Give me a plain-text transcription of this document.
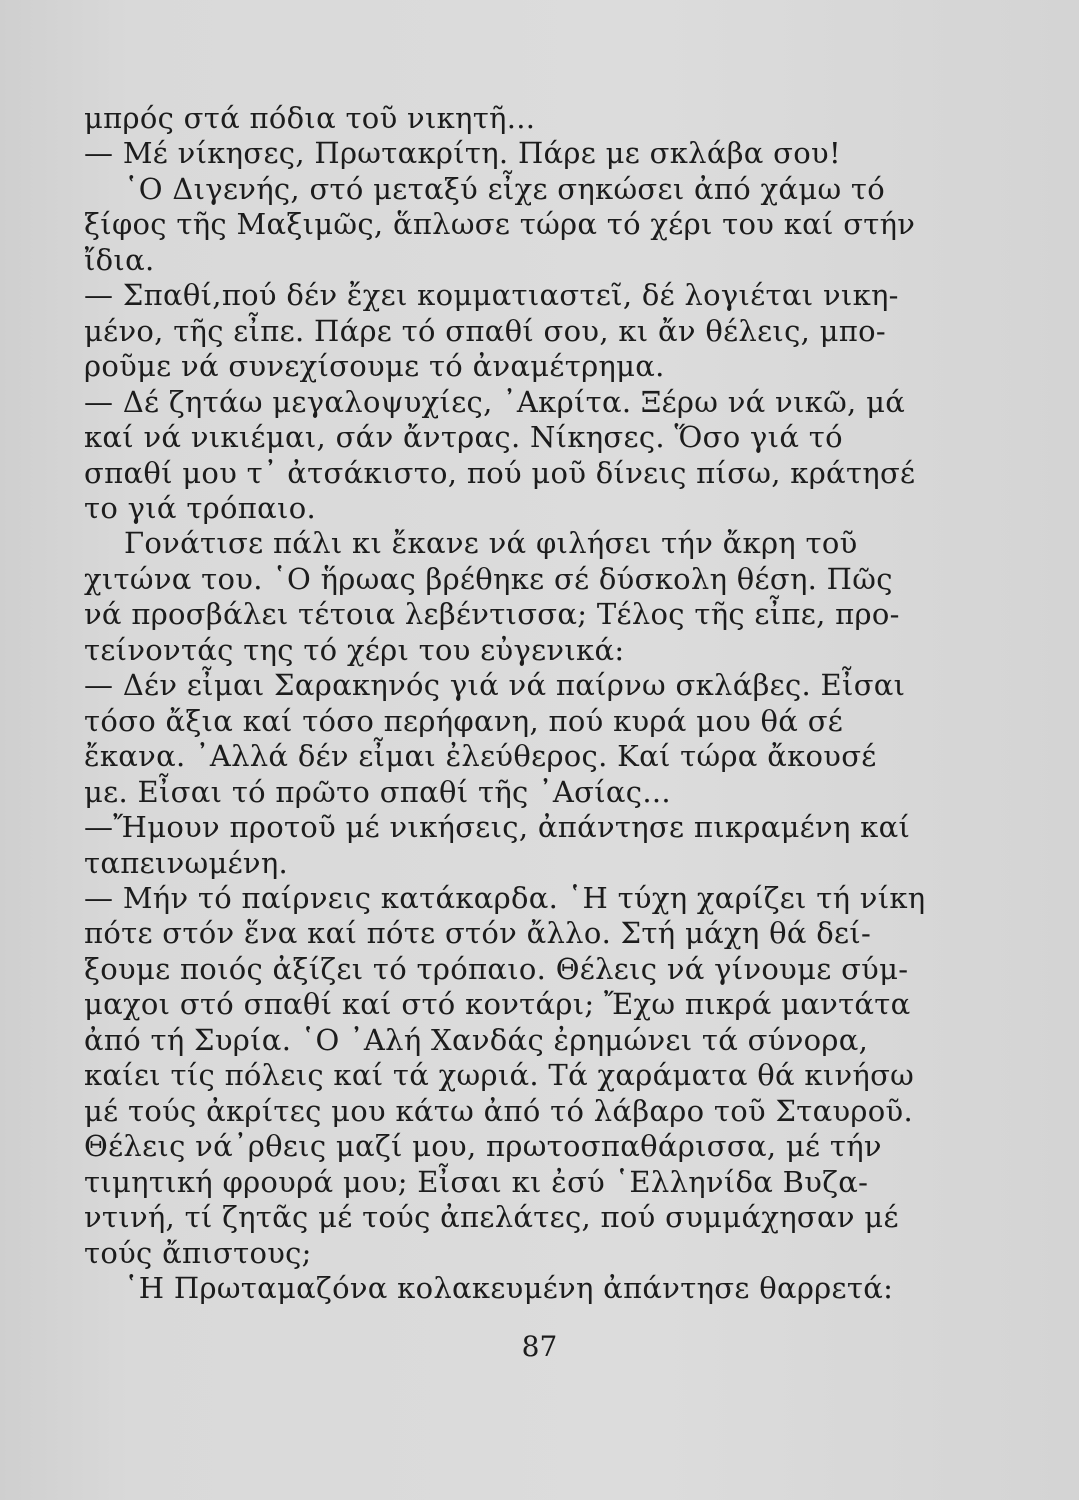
μπρός στά πόδια τοῦ νικητῆ...
— Μέ νίκησες, Πρωτακρίτη. Πάρε με σκλάβα σου!
῾Ο Διγενής, στό μεταξύ εἶχε σηκώσει ἀπό χάμω τό
ξίφος τῆς Μαξιμῶς, ἅπλωσε τώρα τό χέρι του καί στήν
ἴδια.
— Σπαθί,πού δέν ἔχει κομματιαστεῖ, δέ λογιέται νικη-
μένο, τῆς εἶπε. Πάρε τό σπαθί σου, κι ἄν θέλεις, μπο-
ροῦμε νά συνεχίσουμε τό ἀναμέτρημα.
— Δέ ζητάω μεγαλοψυχίες, ᾿Ακρίτα. Ξέρω νά νικῶ, μά
καί νά νικιέμαι, σάν ἄντρας. Νίκησες. Ὅσο γιά τό
σπαθί μου τ᾿ ἀτσάκιστο, πού μοῦ δίνεις πίσω, κράτησέ
το γιά τρόπαιο.
Γονάτισε πάλι κι ἔκανε νά φιλήσει τήν ἄκρη τοῦ
χιτώνα του. ῾Ο ἥρωας βρέθηκε σέ δύσκολη θέση. Πῶς
νά προσβάλει τέτοια λεβέντισσα; Τέλος τῆς εἶπε, προ-
τείνοντάς της τό χέρι του εὐγενικά:
— Δέν εἶμαι Σαρακηνός γιά νά παίρνω σκλάβες. Εἶσαι
τόσο ἄξια καί τόσο περήφανη, πού κυρά μου θά σέ
ἔκανα. ᾿Αλλά δέν εἶμαι ἐλεύθερος. Καί τώρα ἄκουσέ
με. Εἶσαι τό πρῶτο σπαθί τῆς ᾿Ασίας...
—Ἤμουν προτοῦ μέ νικήσεις, ἀπάντησε πικραμένη καί
ταπεινωμένη.
— Μήν τό παίρνεις κατάκαρδα. ῾Η τύχη χαρίζει τή νίκη
πότε στόν ἕνα καί πότε στόν ἄλλο. Στή μάχη θά δεί-
ξουμε ποιός ἀξίζει τό τρόπαιο. Θέλεις νά γίνουμε σύμ-
μαχοι στό σπαθί καί στό κοντάρι; Ἔχω πικρά μαντάτα
ἀπό τή Συρία. ῾Ο ᾿Αλή Χανδάς ἐρημώνει τά σύνορα,
καίει τίς πόλεις καί τά χωριά. Τά χαράματα θά κινήσω
μέ τούς ἀκρίτες μου κάτω ἀπό τό λάβαρο τοῦ Σταυροῦ.
Θέλεις νά᾿ρθεις μαζί μου, πρωτοσπαθάρισσα, μέ τήν
τιμητική φρουρά μου; Εἶσαι κι ἐσύ ῾Ελληνίδα Βυζα-
ντινή, τί ζητᾶς μέ τούς ἀπελάτες, πού συμμάχησαν μέ
τούς ἄπιστους;
῾Η Πρωταμαζόνα κολακευμένη ἀπάντησε θαρρετά:
87
